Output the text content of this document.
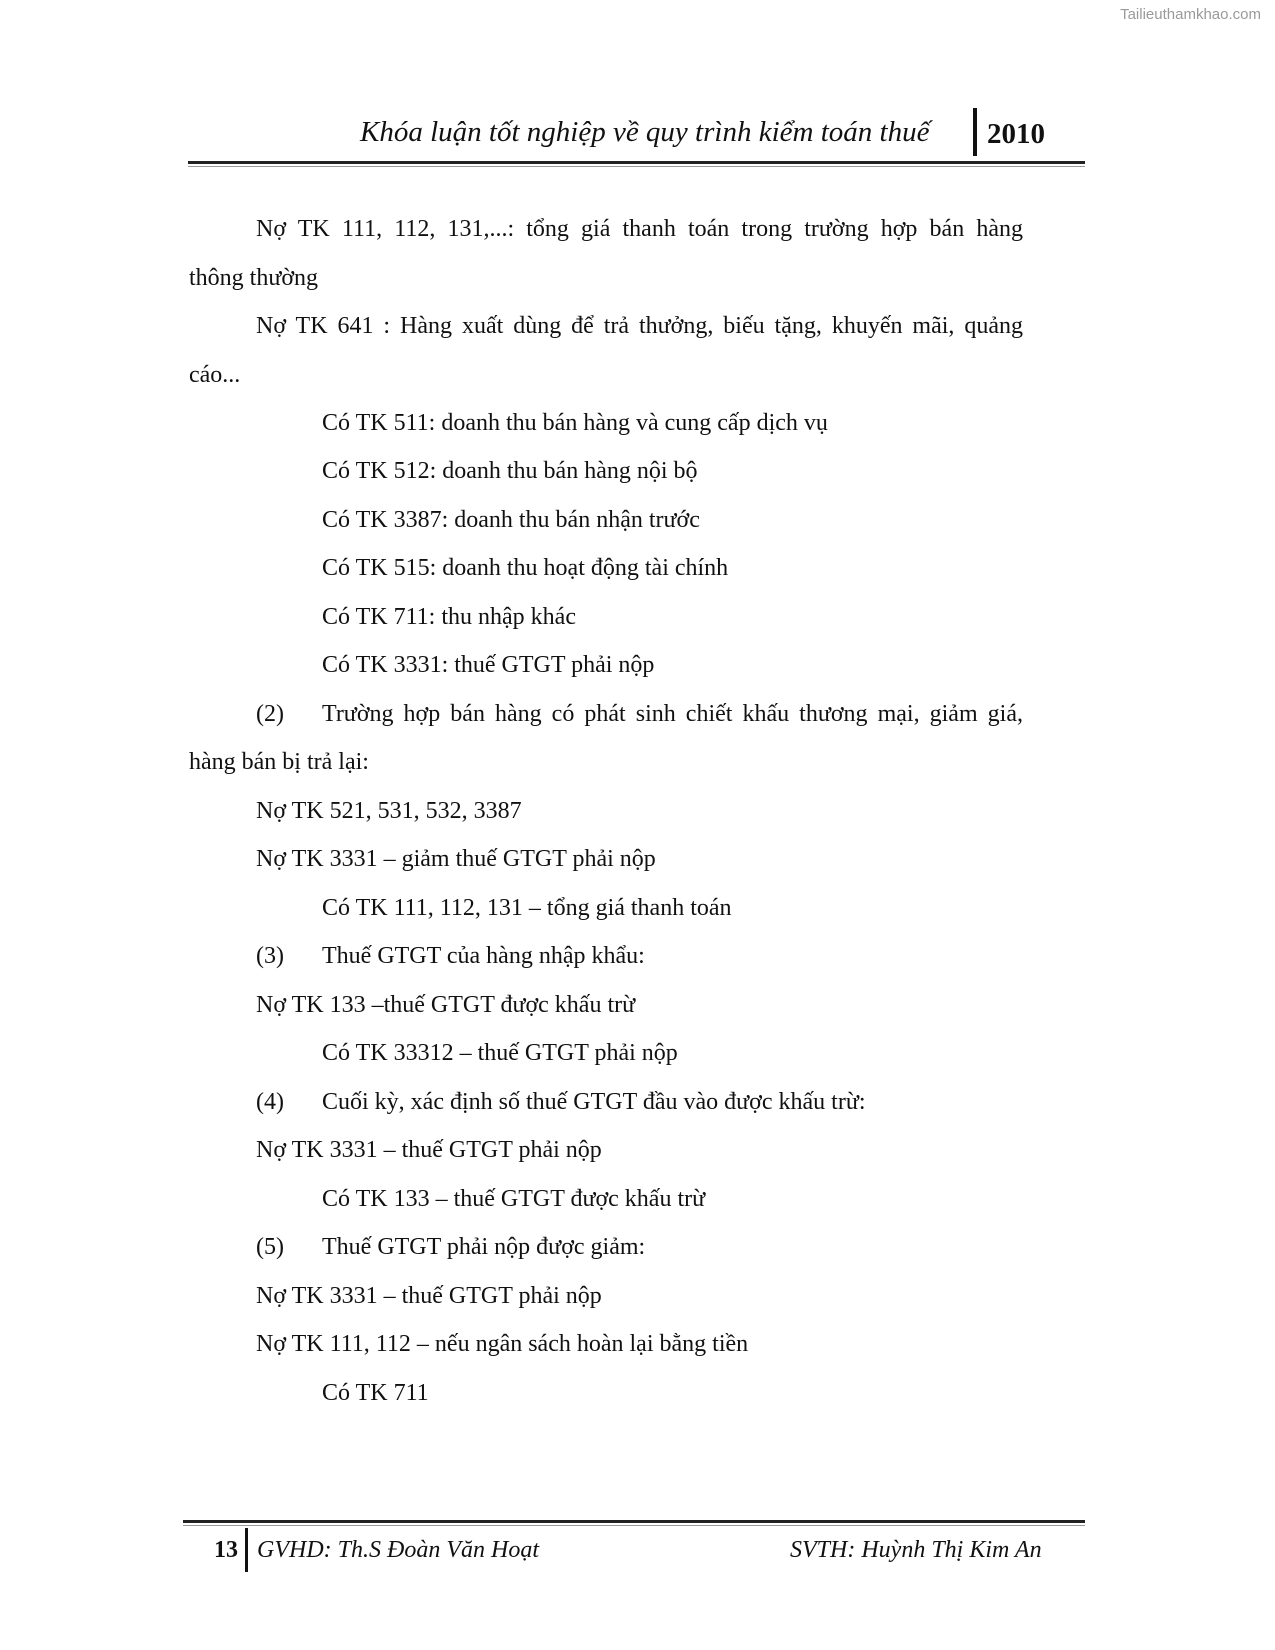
Tailieuthamkhao.com
Khóa luận tốt nghiệp về quy trình kiểm toán thuế 2010
Nợ TK 111, 112, 131,...: tổng giá thanh toán trong trường hợp bán hàng
thông thường
Nợ TK 641 : Hàng xuất dùng để trả thưởng, biếu tặng, khuyến mãi, quảng
cáo...
Có TK 511: doanh thu bán hàng và cung cấp dịch vụ
Có TK 512: doanh thu bán hàng nội bộ
Có TK 3387: doanh thu bán nhận trước
Có TK 515: doanh thu hoạt động tài chính
Có TK 711: thu nhập khác
Có TK 3331: thuế GTGT phải nộp
(2) Trường hợp bán hàng có phát sinh chiết khấu thương mại, giảm giá,
hàng bán bị trả lại:
Nợ TK 521, 531, 532, 3387
Nợ TK 3331 – giảm thuế GTGT phải nộp
Có TK 111, 112, 131 – tổng giá thanh toán
(3) Thuế GTGT của hàng nhập khẩu:
Nợ TK 133 –thuế GTGT được khấu trừ
Có TK 33312 – thuế GTGT phải nộp
(4) Cuối kỳ, xác định số thuế GTGT đầu vào được khấu trừ:
Nợ TK 3331 – thuế GTGT phải nộp
Có TK 133 – thuế GTGT được khấu trừ
(5) Thuế GTGT phải nộp được giảm:
Nợ TK 3331 – thuế GTGT phải nộp
Nợ TK 111, 112 – nếu ngân sách hoàn lại bằng tiền
Có TK 711
13 GVHD: Th.S Đoàn Văn Hoạt	SVTH: Huỳnh Thị Kim An
